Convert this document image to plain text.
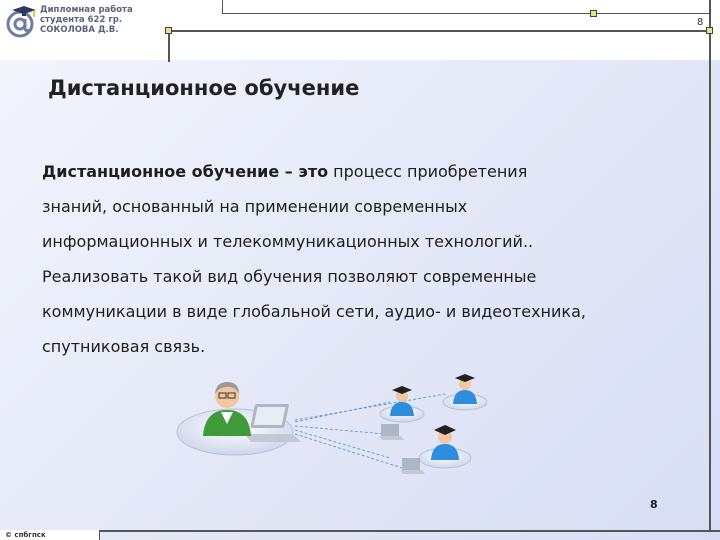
Дипломная работа
студента 622 гр.
СОКОЛОВА Д.В.
8
Дистанционное обучение

Дистанционное обучение – это процесс приобретения

знаний, основанный на применении современных

информационных и телекоммуникационных технологий..

Реализовать такой вид обучения позволяют современные

коммуникации в виде глобальной сети, аудио- и видеотехника,

спутниковая связь.

8
© спбгпск
